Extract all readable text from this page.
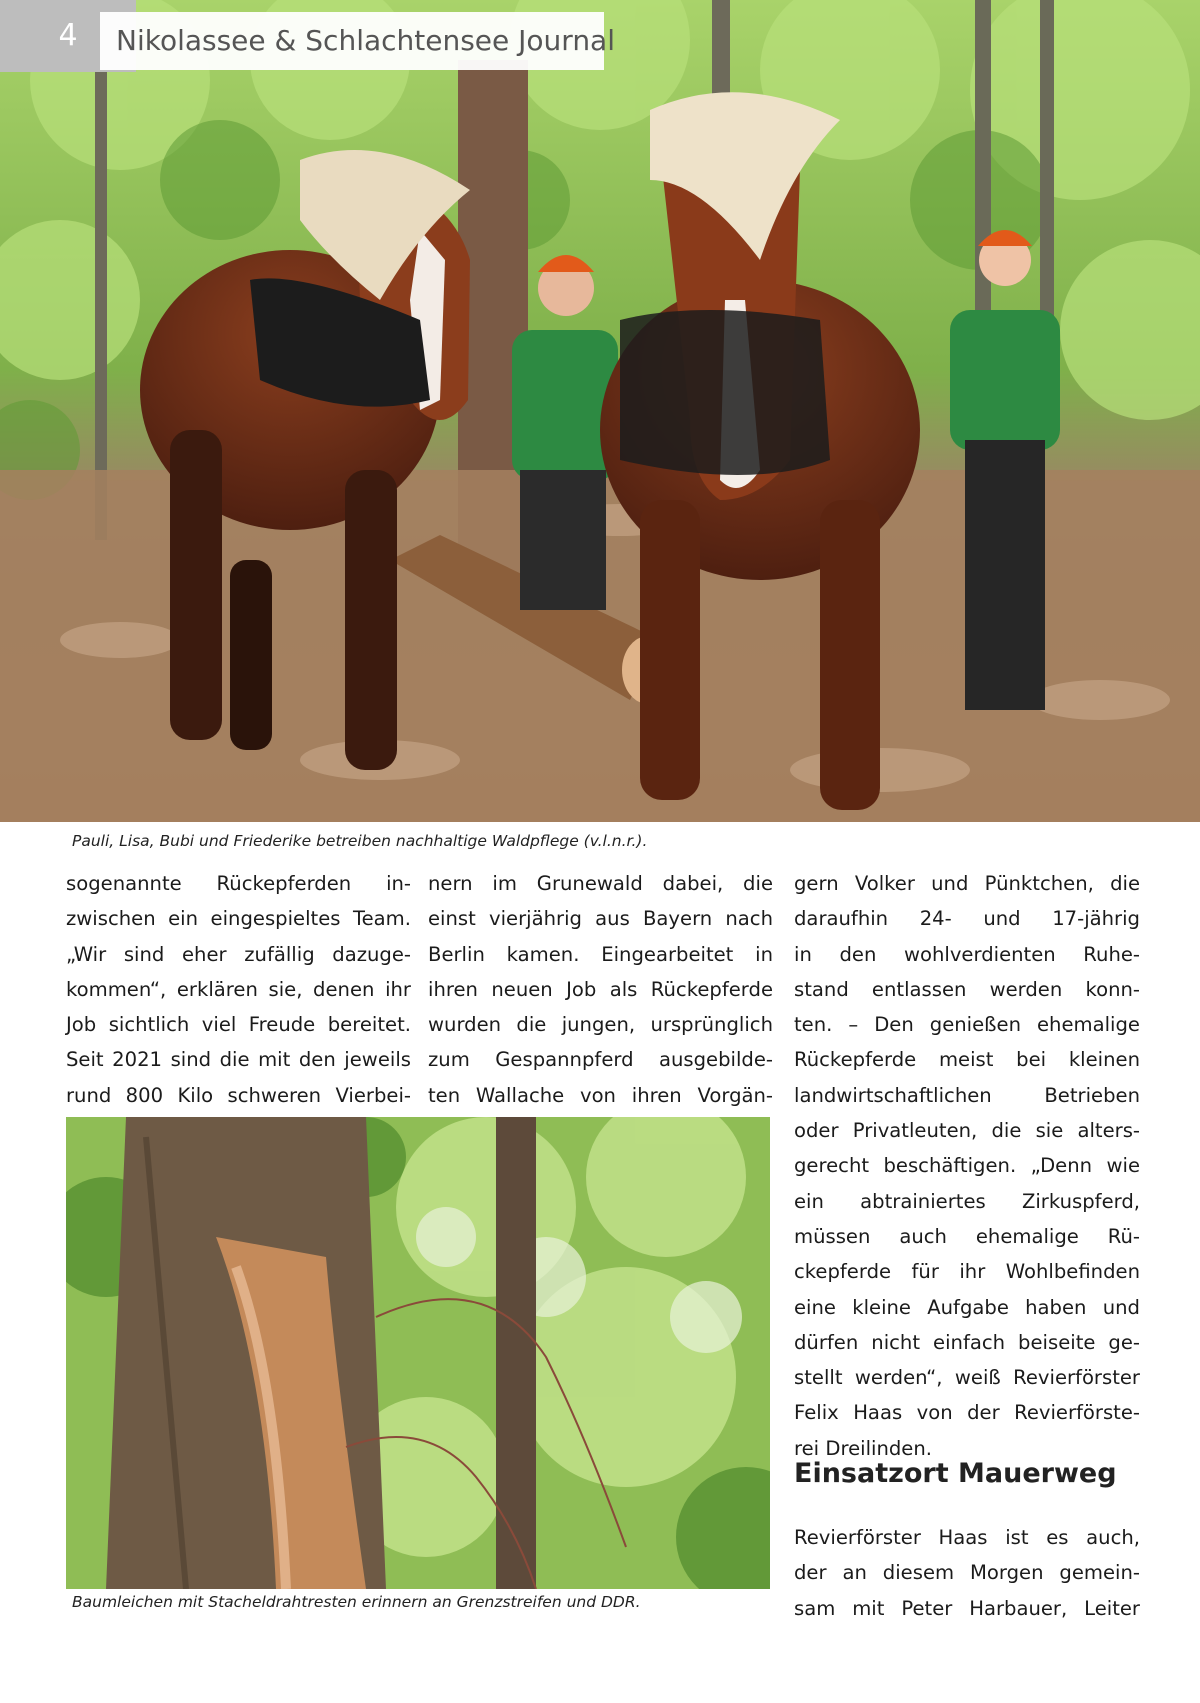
4	Nikolassee & Schlachtensee Journal
Pauli, Lisa, Bubi und Friederike betreiben nachhaltige Waldpflege (v.l.n.r.).

sogenannte Rückepferden in-

zwischen ein eingespieltes Team.

„Wir sind eher zufällig dazuge-

kommen“, erklären sie, denen ihr

Job sichtlich viel Freude bereitet.

Seit 2021 sind die mit den jeweils

rund 800 Kilo schweren Vierbei-

nern im Grunewald dabei, die

einst vierjährig aus Bayern nach

Berlin kamen. Eingearbeitet in

ihren neuen Job als Rückepferde

wurden die jungen, ursprünglich

zum Gespannpferd ausgebilde-

ten Wallache von ihren Vorgän-

gern Volker und Pünktchen, die

daraufhin 24- und 17-jährig

in den wohlverdienten Ruhe-

stand entlassen werden konn-

ten. – Den genießen ehemalige

Rückepferde meist bei kleinen

landwirtschaftlichen Betrieben

oder Privatleuten, die sie alters-

gerecht beschäftigen. „Denn wie

ein abtrainiertes Zirkuspferd,

müssen auch ehemalige Rü-

ckepferde für ihr Wohlbefinden

eine kleine Aufgabe haben und

dürfen nicht einfach beiseite ge-

stellt werden“, weiß Revierförster

Felix Haas von der Revierförste-

rei Dreilinden.

Baumleichen mit Stacheldrahtresten erinnern an Grenzstreifen und DDR.
Einsatzort Mauerweg

Revierförster Haas ist es auch,

der an diesem Morgen gemein-

sam mit Peter Harbauer, Leiter
